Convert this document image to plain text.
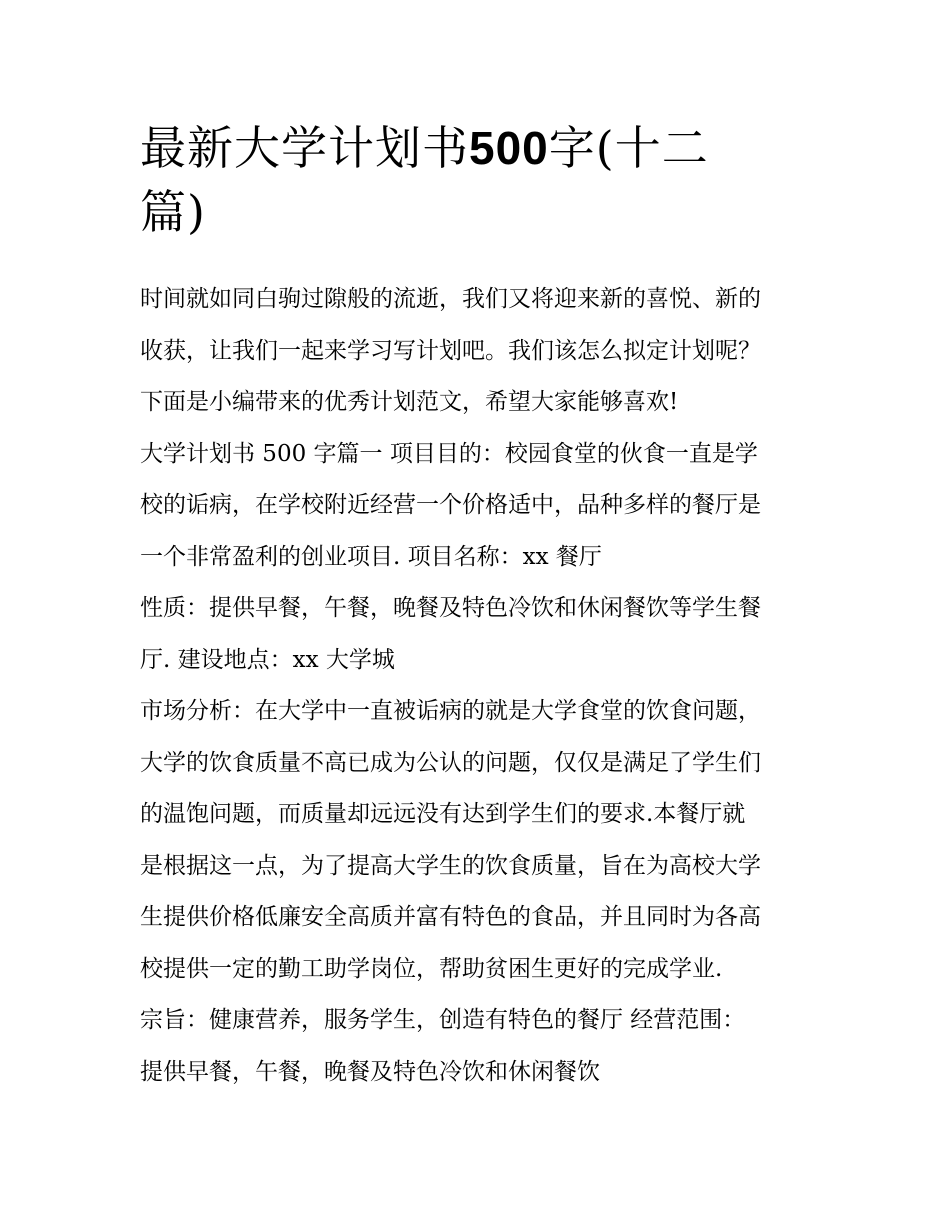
最新大学计划书500字(十二
篇)
时间就如同白驹过隙般的流逝，我们又将迎来新的喜悦、新的
收获，让我们一起来学习写计划吧。我们该怎么拟定计划呢？
下面是小编带来的优秀计划范文，希望大家能够喜欢!
大学计划书 500 字篇一 项目目的：校园食堂的伙食一直是学
校的诟病，在学校附近经营一个价格适中，品种多样的餐厅是
一个非常盈利的创业项目. 项目名称：xx 餐厅
性质：提供早餐，午餐，晚餐及特色冷饮和休闲餐饮等学生餐
厅. 建设地点：xx 大学城
市场分析：在大学中一直被诟病的就是大学食堂的饮食问题，
大学的饮食质量不高已成为公认的问题，仅仅是满足了学生们
的温饱问题，而质量却远远没有达到学生们的要求.本餐厅就
是根据这一点，为了提高大学生的饮食质量，旨在为高校大学
生提供价格低廉安全高质并富有特色的食品，并且同时为各高
校提供一定的勤工助学岗位，帮助贫困生更好的完成学业.
宗旨：健康营养，服务学生，创造有特色的餐厅 经营范围：
提供早餐，午餐，晚餐及特色冷饮和休闲餐饮
